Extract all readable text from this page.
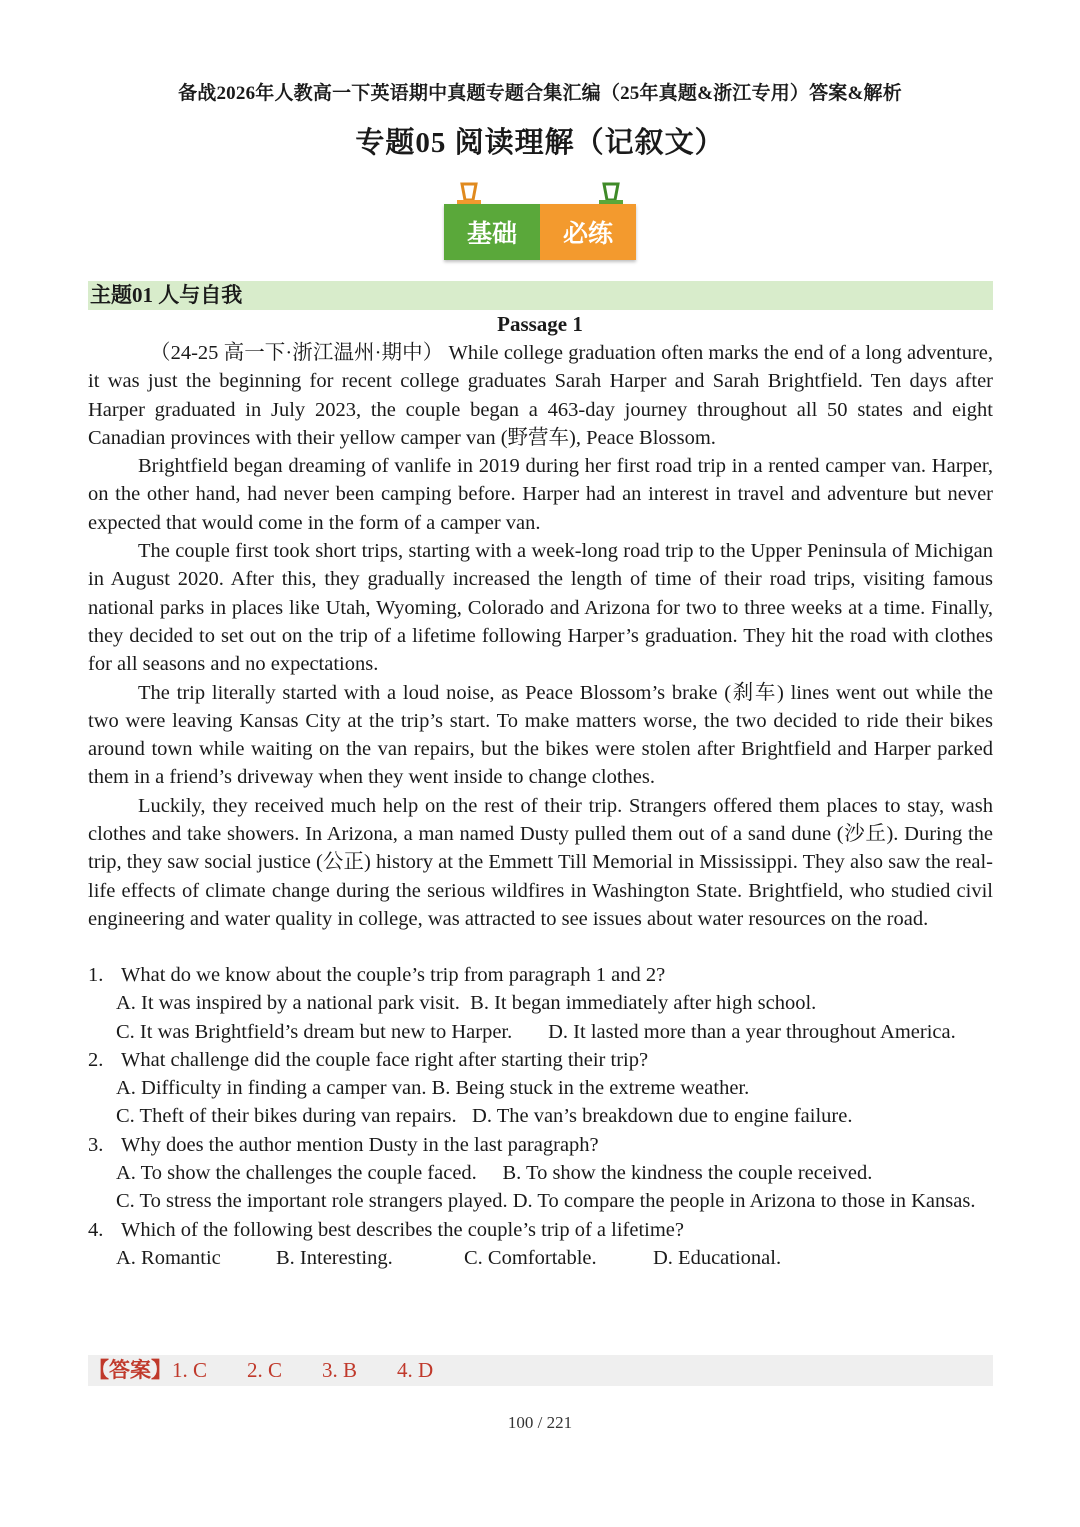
备战2026年人教高一下英语期中真题专题合集汇编（25年真题&浙江专用）答案&解析
专题05 阅读理解（记叙文）
基础	必练
主题01 人与自我
Passage 1

（24-25 高一下·浙江温州·期中） While college graduation often marks the end of a long adventure, it was just the beginning for recent college graduates Sarah Harper and Sarah Brightfield. Ten days after Harper graduated in July 2023, the couple began a 463-day journey throughout all 50 states and eight Canadian provinces with their yellow camper van (野营车), Peace Blossom.

Brightfield began dreaming of vanlife in 2019 during her first road trip in a rented camper van. Harper, on the other hand, had never been camping before. Harper had an interest in travel and adventure but never expected that would come in the form of a camper van.

The couple first took short trips, starting with a week-long road trip to the Upper Peninsula of Michigan in August 2020. After this, they gradually increased the length of time of their road trips, visiting famous national parks in places like Utah, Wyoming, Colorado and Arizona for two to three weeks at a time. Finally, they decided to set out on the trip of a lifetime following Harper’s graduation. They hit the road with clothes for all seasons and no expectations.

The trip literally started with a loud noise, as Peace Blossom’s brake (刹车) lines went out while the two were leaving Kansas City at the trip’s start. To make matters worse, the two decided to ride their bikes around town while waiting on the van repairs, but the bikes were stolen after Brightfield and Harper parked them in a friend’s driveway when they went inside to change clothes.

Luckily, they received much help on the rest of their trip. Strangers offered them places to stay, wash clothes and take showers. In Arizona, a man named Dusty pulled them out of a sand dune (沙丘). During the trip, they saw social justice (公正) history at the Emmett Till Memorial in Mississippi. They also saw the real-life effects of climate change during the serious wildfires in Washington State. Brightfield, who studied civil engineering and water quality in college, was attracted to see issues about water resources on the road.

1. What do we know about the couple’s trip from paragraph 1 and 2?
A. It was inspired by a national park visit. B. It began immediately after high school.
C. It was Brightfield’s dream but new to Harper. D. It lasted more than a year throughout America.
2. What challenge did the couple face right after starting their trip?
A. Difficulty in finding a camper van. B. Being stuck in the extreme weather.
C. Theft of their bikes during van repairs. D. The van’s breakdown due to engine failure.
3. Why does the author mention Dusty in the last paragraph?
A. To show the challenges the couple faced. B. To show the kindness the couple received.
C. To stress the important role strangers played. D. To compare the people in Arizona to those in Kansas.
4. Which of the following best describes the couple’s trip of a lifetime?
A. Romantic	B. Interesting.	C. Comfortable.	D. Educational.
【答案】1. C 2. C 3. B 4. D
100 / 221
